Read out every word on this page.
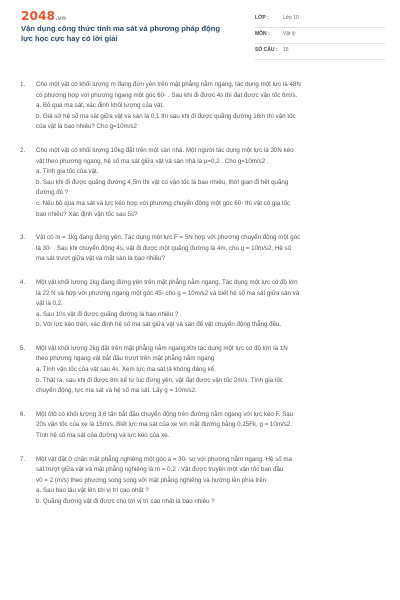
2048.vn
Vận dụng công thức tính ma sát và phương pháp động lực học cực hay có lời giải
LỚP :	Lớp 10
MÔN :	Vật lý
SỐ CÂU : 15
1.	Cho một vật có khối lượng m đang đứn yên trên mặt phẳng nằm ngang, tác dụng một lực là 48N
có phương hợp với phương ngang một góc 60◦ . Sau khi đi được 4s thì đạt được vận tốc 6m/s.
a. Bỏ qua ma sát, xác định khối lượng của vật.
b. Giả sử hệ số ma sát giữa vật và sàn là 0,1 thì sau khi đi được quãng đường 16m thì vận tốc
của vật là bao nhiêu? Cho g=10m/s2
2.	Cho một vật có khối lượng 10kg đặt trên một sàn nhà. Một người tác dụng một lực là 30N kéo
vật theo phương ngang, hệ số ma sát giữa vật và sàn nhà là μ=0,2 . Cho g=10m/s2 .
a. Tính gia tốc của vật.
b. Sau khi đi được quãng đường 4,5m thì vật có vận tốc là bao nhiêu, thời gian đi hết quãng
đường đó ?
c. Nếu bỏ qua ma sát và lực kéo hợp với phương chuyển động một góc 60◦ thì vật có gia tốc
bao nhiêu? Xác định vận tốc sau 5s?
3.	Vật có m = 1kg đang đứng yên. Tác dụng một lực F = 5N hợp với phương chuyển động một góc
là 30◦ . Sau khi chuyển động 4s, vật đi được một quãng đường là 4m, cho g = 10m/s2. Hệ số
ma sát trượt giữa vật và mặt sàn là bao nhiêu?
4.	Một vật khối lượng 1kg đang đứng yên trên mặt phẳng nằm ngang. Tác dụng một lực có độ lớn
là 22 N và hợp với phương ngang một góc 45◦ cho g = 10m/s2 và biết hệ số ma sát giữa sàn và
vật là 0,2.
a. Sau 10s vật đi được quãng đường là bao nhiêu ? .
b. Với lực kéo trên, xác định hệ số ma sát giữa vật và sàn để vật chuyển động thẳng đều.
5.	Một vật khối lượng 2kg đặt trên mặt phẳng nằm ngang.Khi tác dụng một lực có độ lớn là 1N
theo phương ngang vật bắt đầu trượt trên mặt phẳng nằm ngang
a. Tính vận tốc của vật sau 4s. Xem lực ma sát là không đáng kể.
b. Thật ra, sau khi đi được 8m kể từ lúc đứng yên, vật đạt được vận tốc 2m/s. Tính gia tốc
chuyển động, lực ma sát và hệ số ma sát. Lấy g = 10m/s2.
6.	Một ôtô có khối lượng 3,6 tấn bắt đầu chuyển động trên đường nằm ngang với lực kéo F. Sau
20s vận tốc của xe là 15m/s. Biết lực ma sát của xe với mặt đường bằng 0,25Fk, g = 10m/s2.
Tính hệ số ma sát của đường và lực kéo của xe.
7.	Một vật đặt ở chân mặt phẳng nghiêng một góc a = 30◦ so với phương nằm ngang. Hệ số ma
sát trượt giữa vật và mặt phẳng nghiêng là m = 0,2 . Vật được truyền một vận tốc ban đầu
v0 = 2 (m/s) theo phương song song với mặt phẳng nghiêng và hướng lên phía trên.
a. Sau bao lâu vật lên tới vị trí cao nhất ?
b. Quãng đường vật đi được cho tới vị trí cao nhất là bao nhiêu ?
